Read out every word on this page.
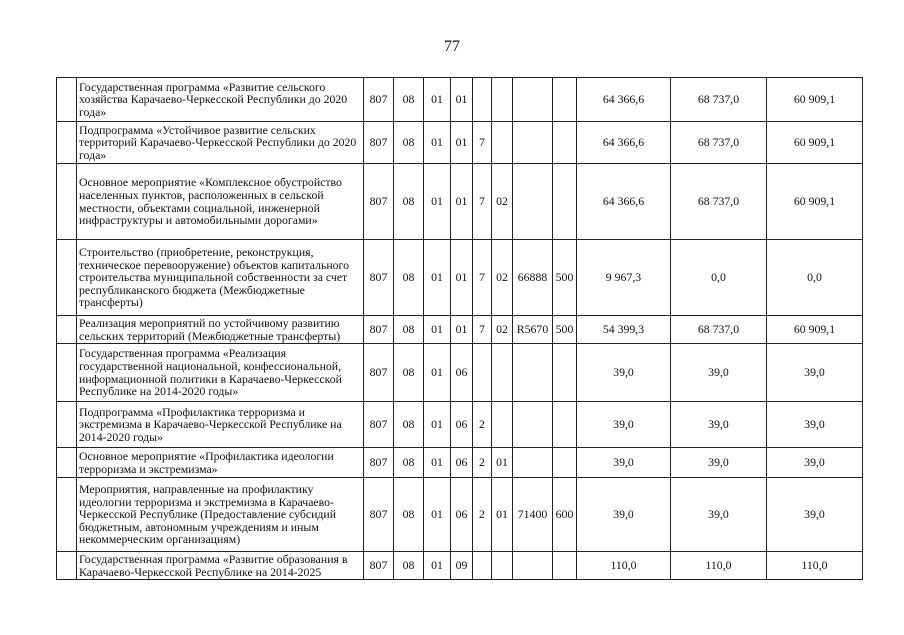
77
	Государственная программа «Развитие сельского хозяйства Карачаево-Черкесской Республики до 2020 года»	807	08	01	01					64 366,6	68 737,0	60 909,1
	Подпрограмма «Устойчивое развитие сельских территорий Карачаево-Черкесской Республики до 2020 года»	807	08	01	01	7				64 366,6	68 737,0	60 909,1
	Основное мероприятие «Комплексное обустройство населенных пунктов, расположенных в сельской местности, объектами социальной, инженерной инфраструктуры и автомобильными дорогами»	807	08	01	01	7	02			64 366,6	68 737,0	60 909,1
	Строительство (приобретение, реконструкция, техническое перевооружение) объектов капитального строительства муниципальной собственности за счет республиканского бюджета (Межбюджетные трансферты)	807	08	01	01	7	02	66888	500	9 967,3	0,0	0,0
	Реализация мероприятий по устойчивому развитию сельских территорий (Межбюджетные трансферты)	807	08	01	01	7	02	R5670	500	54 399,3	68 737,0	60 909,1
	Государственная программа «Реализация государственной национальной, конфессиональной, информационной политики в Карачаево-Черкесской Республике на 2014-2020 годы»	807	08	01	06					39,0	39,0	39,0
	Подпрограмма «Профилактика терроризма и экстремизма в Карачаево-Черкесской Республике на 2014-2020 годы»	807	08	01	06	2				39,0	39,0	39,0
	Основное мероприятие «Профилактика идеологии терроризма и экстремизма»	807	08	01	06	2	01			39,0	39,0	39,0
	Мероприятия, направленные на профилактику идеологии терроризма и экстремизма в Карачаево-Черкесской Республике (Предоставление субсидий бюджетным, автономным учреждениям и иным некоммерческим организациям)	807	08	01	06	2	01	71400	600	39,0	39,0	39,0
	Государственная программа «Развитие образования в Карачаево-Черкесской Республике на 2014-2025	807	08	01	09					110,0	110,0	110,0
